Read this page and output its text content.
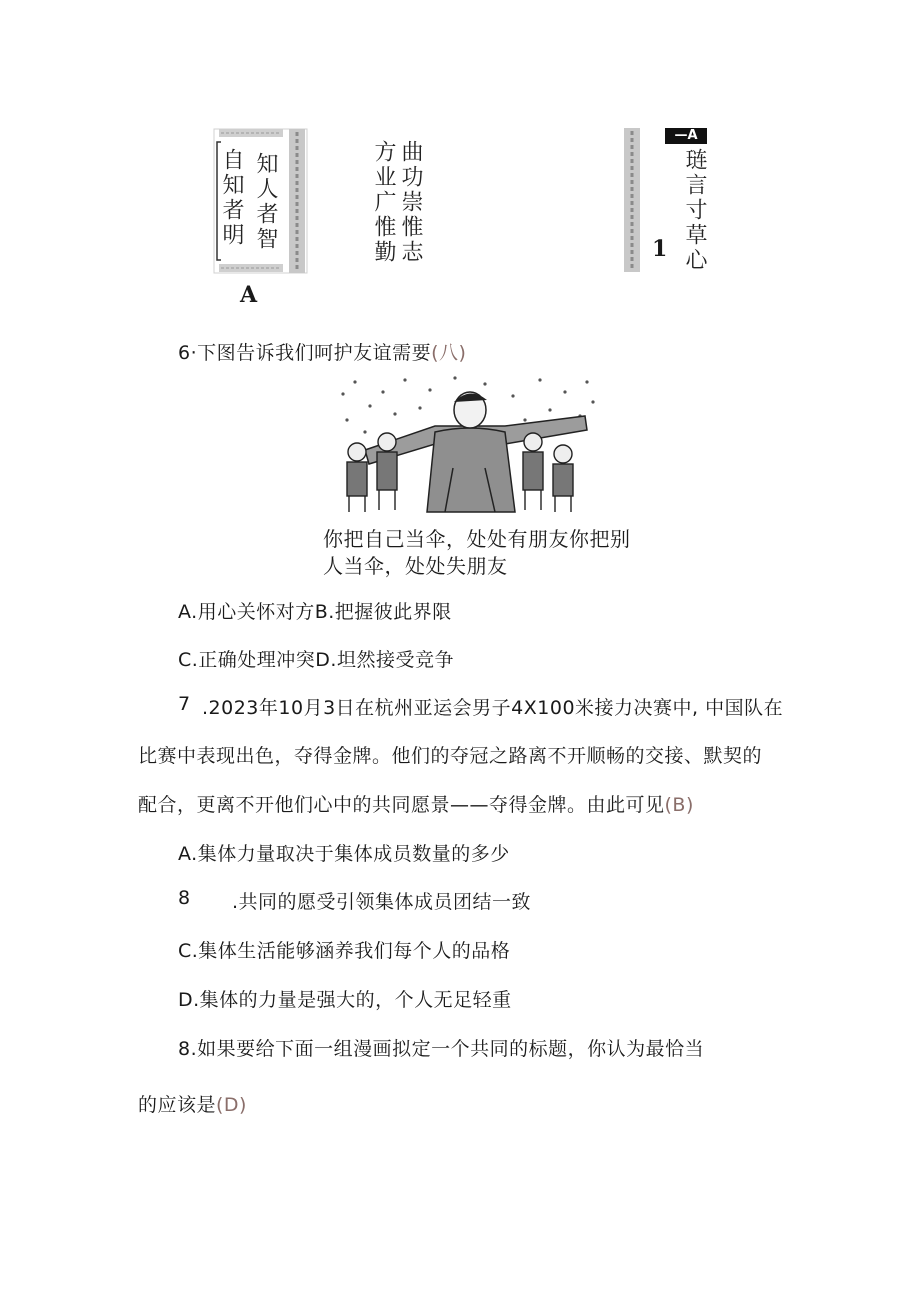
知人者智
自知者明
A
曲功崇惟志
方业广惟勤
—A
琏言寸草心
1
6·下图告诉我们呵护友谊需要(八)
你把自己当伞，处处有朋友你把别
人当伞，处处失朋友
A.用心关怀对方B.把握彼此界限
C.正确处理冲突D.坦然接受竞争
7 .2023年10月3日在杭州亚运会男子4X100米接力决赛中, 中国队在
比赛中表现出色，夺得金牌。他们的夺冠之路离不开顺畅的交接、默契的
配合，更离不开他们心中的共同愿景——夺得金牌。由此可见(B)
A.集体力量取决于集体成员数量的多少
8 .共同的愿受引领集体成员团结一致
C.集体生活能够涵养我们每个人的品格
D.集体的力量是强大的，个人无足轻重
8.如果要给下面一组漫画拟定一个共同的标题，你认为最恰当
的应该是(D)
